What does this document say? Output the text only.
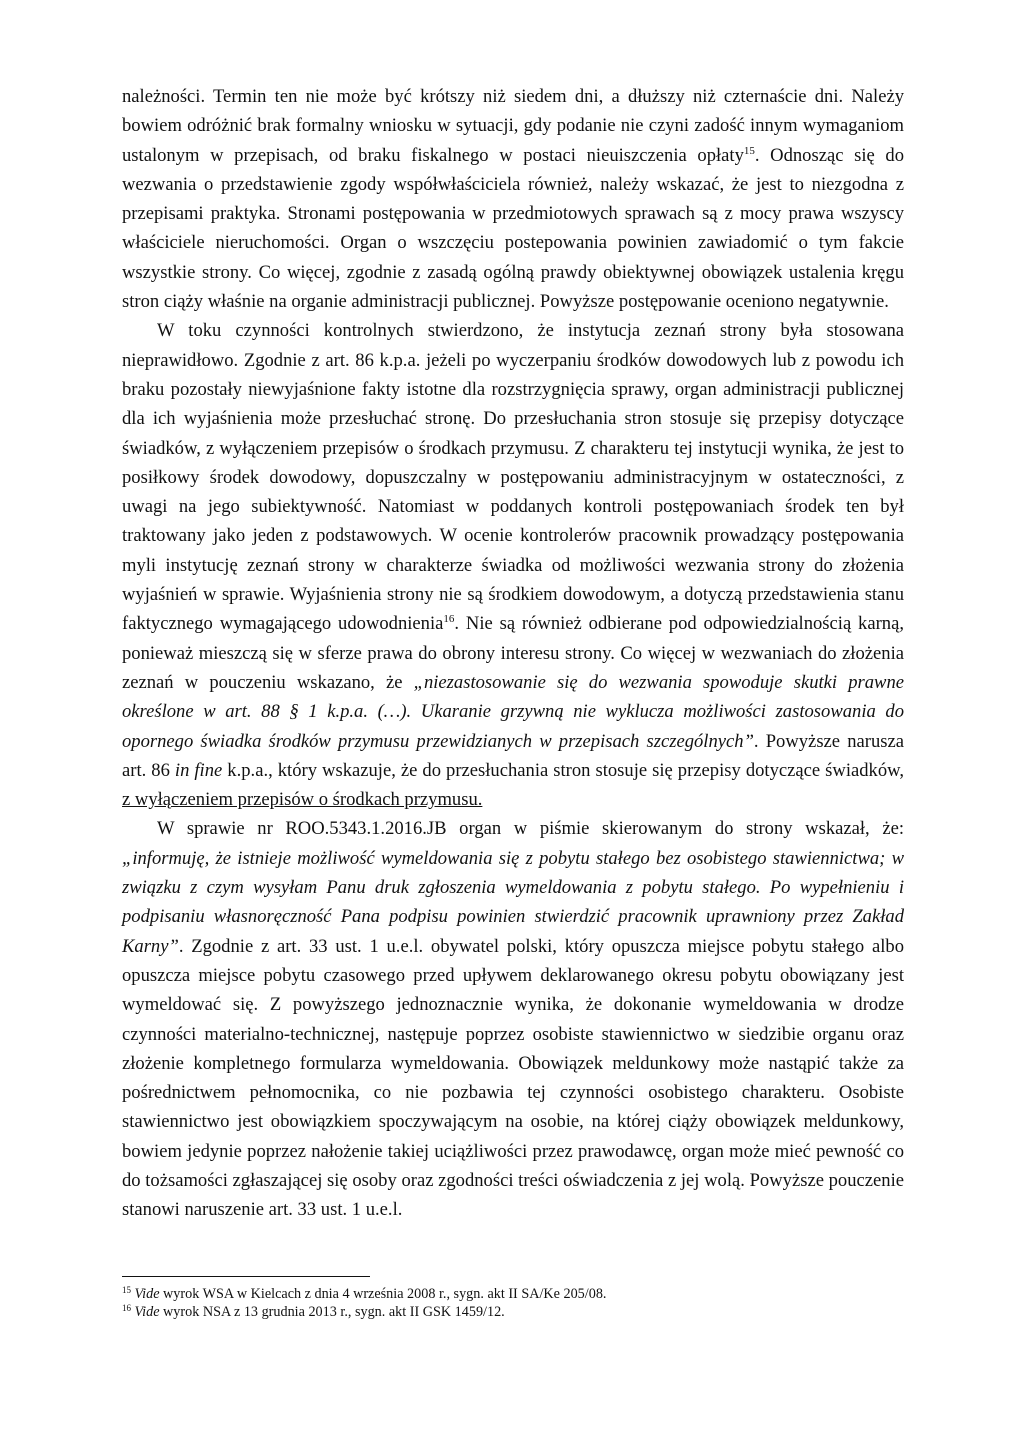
należności. Termin ten nie może być krótszy niż siedem dni, a dłuższy niż czternaście dni. Należy bowiem odróżnić brak formalny wniosku w sytuacji, gdy podanie nie czyni zadość innym wymaganiom ustalonym w przepisach, od braku fiskalnego w postaci nieuiszczenia opłaty$^{15}$. Odnosząc się do wezwania o przedstawienie zgody współwłaściciela również, należy wskazać, że jest to niezgodna z przepisami praktyka. Stronami postępowania w przedmiotowych sprawach są z mocy prawa wszyscy właściciele nieruchomości. Organ o wszczęciu postepowania powinien zawiadomić o tym fakcie wszystkie strony. Co więcej, zgodnie z zasadą ogólną prawdy obiektywnej obowiązek ustalenia kręgu stron ciąży właśnie na organie administracji publicznej. Powyższe postępowanie oceniono negatywnie.

W toku czynności kontrolnych stwierdzono, że instytucja zeznań strony była stosowana nieprawidłowo. Zgodnie z art. 86 k.p.a. jeżeli po wyczerpaniu środków dowodowych lub z powodu ich braku pozostały niewyjaśnione fakty istotne dla rozstrzygnięcia sprawy, organ administracji publicznej dla ich wyjaśnienia może przesłuchać stronę. Do przesłuchania stron stosuje się przepisy dotyczące świadków, z wyłączeniem przepisów o środkach przymusu. Z charakteru tej instytucji wynika, że jest to posiłkowy środek dowodowy, dopuszczalny w postępowaniu administracyjnym w ostateczności, z uwagi na jego subiektywność. Natomiast w poddanych kontroli postępowaniach środek ten był traktowany jako jeden z podstawowych. W ocenie kontrolerów pracownik prowadzący postępowania myli instytucję zeznań strony w charakterze świadka od możliwości wezwania strony do złożenia wyjaśnień w sprawie. Wyjaśnienia strony nie są środkiem dowodowym, a dotyczą przedstawienia stanu faktycznego wymagającego udowodnienia$^{16}$. Nie są również odbierane pod odpowiedzialnością karną, ponieważ mieszczą się w sferze prawa do obrony interesu strony. Co więcej w wezwaniach do złożenia zeznań w pouczeniu wskazano, że „niezastosowanie się do wezwania spowoduje skutki prawne określone w art. 88 § 1 k.p.a. (…). Ukaranie grzywną nie wyklucza możliwości zastosowania do opornego świadka środków przymusu przewidzianych w przepisach szczególnych”. Powyższe narusza art. 86 in fine k.p.a., który wskazuje, że do przesłuchania stron stosuje się przepisy dotyczące świadków, z wyłączeniem przepisów o środkach przymusu.

W sprawie nr ROO.5343.1.2016.JB organ w piśmie skierowanym do strony wskazał, że: „informuję, że istnieje możliwość wymeldowania się z pobytu stałego bez osobistego stawiennictwa; w związku z czym wysyłam Panu druk zgłoszenia wymeldowania z pobytu stałego. Po wypełnieniu i podpisaniu własnoręczność Pana podpisu powinien stwierdzić pracownik uprawniony przez Zakład Karny”. Zgodnie z art. 33 ust. 1 u.e.l. obywatel polski, który opuszcza miejsce pobytu stałego albo opuszcza miejsce pobytu czasowego przed upływem deklarowanego okresu pobytu obowiązany jest wymeldować się. Z powyższego jednoznacznie wynika, że dokonanie wymeldowania w drodze czynności materialno-technicznej, następuje poprzez osobiste stawiennictwo w siedzibie organu oraz złożenie kompletnego formularza wymeldowania. Obowiązek meldunkowy może nastąpić także za pośrednictwem pełnomocnika, co nie pozbawia tej czynności osobistego charakteru. Osobiste stawiennictwo jest obowiązkiem spoczywającym na osobie, na której ciąży obowiązek meldunkowy, bowiem jedynie poprzez nałożenie takiej uciążliwości przez prawodawcę, organ może mieć pewność co do tożsamości zgłaszającej się osoby oraz zgodności treści oświadczenia z jej wolą. Powyższe pouczenie stanowi naruszenie art. 33 ust. 1 u.e.l.

$^{15}$ Vide wyrok WSA w Kielcach z dnia 4 września 2008 r., sygn. akt II SA/Ke 205/08.

$^{16}$ Vide wyrok NSA z 13 grudnia 2013 r., sygn. akt II GSK 1459/12.
